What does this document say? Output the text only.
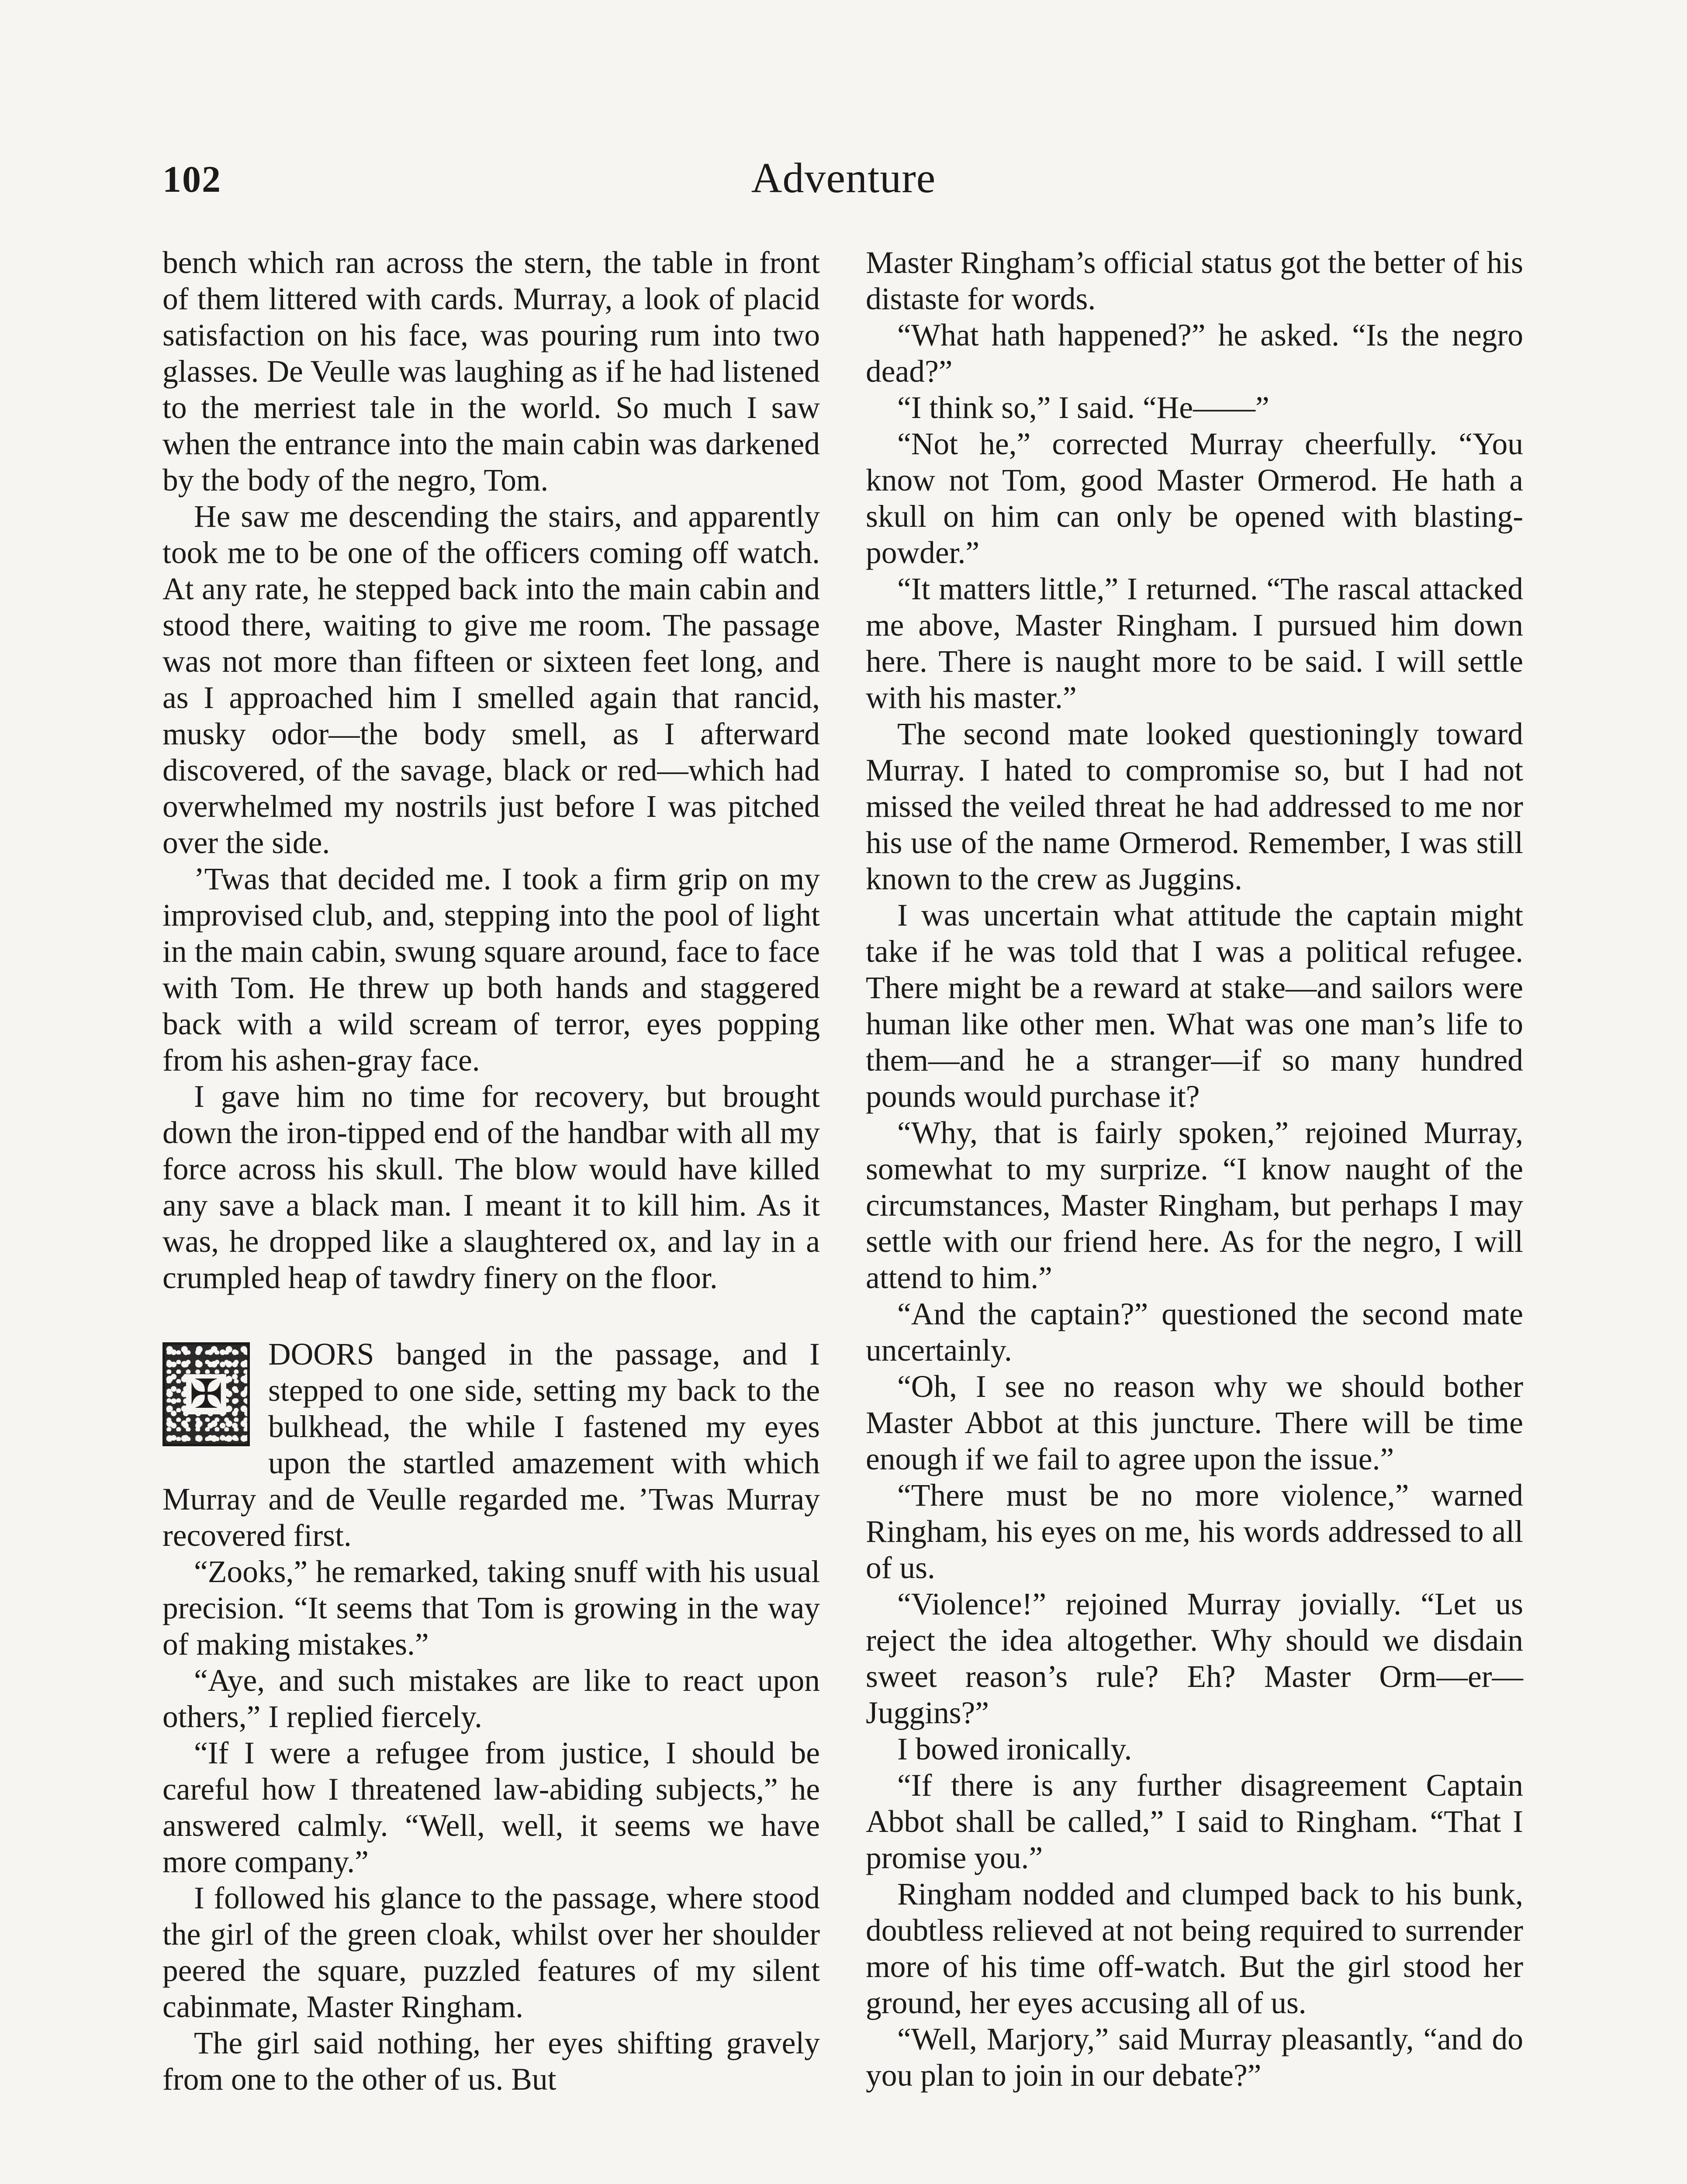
102	Adventure

bench which ran across the stern, the table in front of them littered with cards. Murray, a look of placid satisfaction on his face, was pouring rum into two glasses. De Veulle was laughing as if he had listened to the merriest tale in the world. So much I saw when the entrance into the main cabin was darkened by the body of the negro, Tom.

He saw me descending the stairs, and apparently took me to be one of the officers coming off watch. At any rate, he stepped back into the main cabin and stood there, waiting to give me room. The passage was not more than fifteen or sixteen feet long, and as I approached him I smelled again that rancid, musky odor—the body smell, as I afterward discovered, of the savage, black or red—which had overwhelmed my nostrils just before I was pitched over the side.

’Twas that decided me. I took a firm grip on my improvised club, and, stepping into the pool of light in the main cabin, swung square around, face to face with Tom. He threw up both hands and staggered back with a wild scream of terror, eyes popping from his ashen-gray face.

I gave him no time for recovery, but brought down the iron-tipped end of the handbar with all my force across his skull. The blow would have killed any save a black man. I meant it to kill him. As it was, he dropped like a slaughtered ox, and lay in a crumpled heap of tawdry finery on the floor.

✠
DOORS banged in the passage, and I stepped to one side, setting my back to the bulkhead, the while I fastened my eyes upon the startled amazement with which Murray and de Veulle regarded me. ’Twas Murray recovered first.

“Zooks,” he remarked, taking snuff with his usual precision. “It seems that Tom is growing in the way of making mistakes.”

“Aye, and such mistakes are like to react upon others,” I replied fiercely.

“If I were a refugee from justice, I should be careful how I threatened law-abiding subjects,” he answered calmly. “Well, well, it seems we have more company.”

I followed his glance to the passage, where stood the girl of the green cloak, whilst over her shoulder peered the square, puzzled features of my silent cabinmate, Master Ringham.

The girl said nothing, her eyes shifting gravely from one to the other of us. But

Master Ringham’s official status got the better of his distaste for words.

“What hath happened?” he asked. “Is the negro dead?”

“I think so,” I said. “He——”

“Not he,” corrected Murray cheerfully. “You know not Tom, good Master Ormerod. He hath a skull on him can only be opened with blasting-powder.”

“It matters little,” I returned. “The rascal attacked me above, Master Ringham. I pursued him down here. There is naught more to be said. I will settle with his master.”

The second mate looked questioningly toward Murray. I hated to compromise so, but I had not missed the veiled threat he had addressed to me nor his use of the name Ormerod. Remember, I was still known to the crew as Juggins.

I was uncertain what attitude the captain might take if he was told that I was a political refugee. There might be a reward at stake—and sailors were human like other men. What was one man’s life to them—and he a stranger—if so many hundred pounds would purchase it?

“Why, that is fairly spoken,” rejoined Murray, somewhat to my surprize. “I know naught of the circumstances, Master Ringham, but perhaps I may settle with our friend here. As for the negro, I will attend to him.”

“And the captain?” questioned the second mate uncertainly.

“Oh, I see no reason why we should bother Master Abbot at this juncture. There will be time enough if we fail to agree upon the issue.”

“There must be no more violence,” warned Ringham, his eyes on me, his words addressed to all of us.

“Violence!” rejoined Murray jovially. “Let us reject the idea altogether. Why should we disdain sweet reason’s rule? Eh? Master Orm—er—Juggins?”

I bowed ironically.

“If there is any further disagreement Captain Abbot shall be called,” I said to Ringham. “That I promise you.”

Ringham nodded and clumped back to his bunk, doubtless relieved at not being required to surrender more of his time off-watch. But the girl stood her ground, her eyes accusing all of us.

“Well, Marjory,” said Murray pleasantly, “and do you plan to join in our debate?”
